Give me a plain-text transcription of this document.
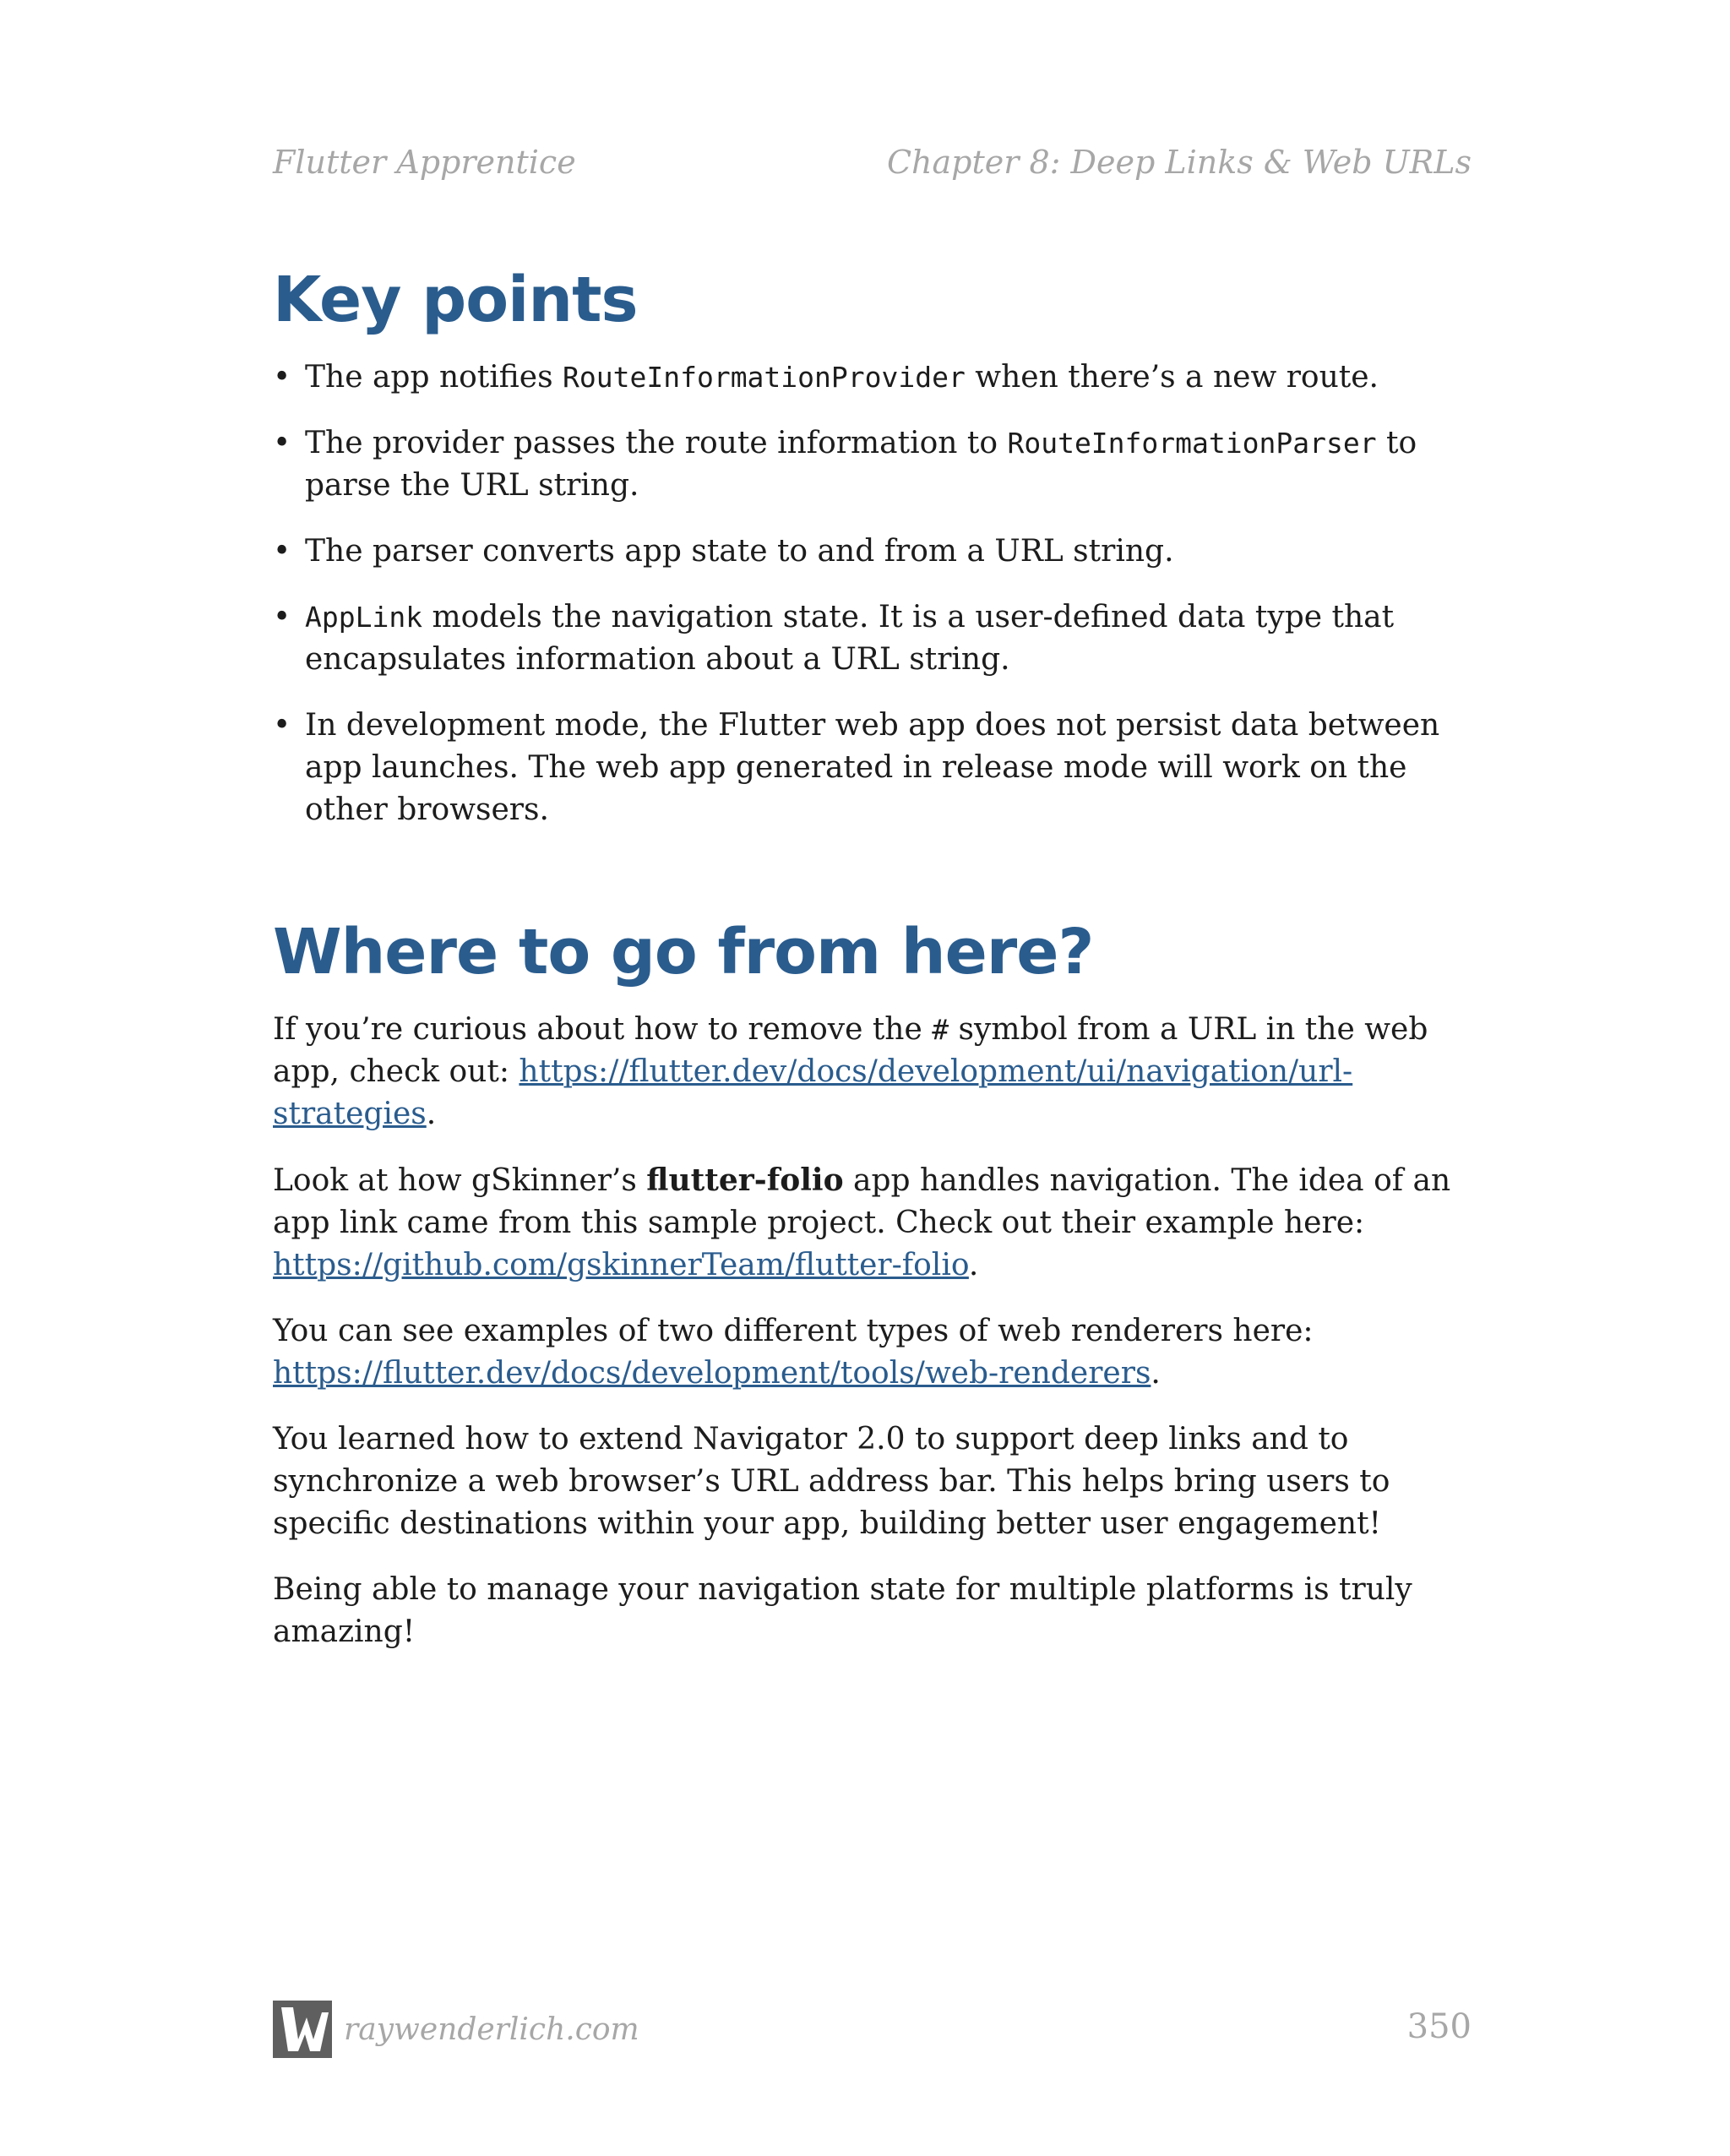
Flutter Apprentice	Chapter 8: Deep Links & Web URLs
Key points
• The app notifies RouteInformationProvider when there’s a new route.
• The provider passes the route information to RouteInformationParser to parse the URL string.
• The parser converts app state to and from a URL string.
• AppLink models the navigation state. It is a user-defined data type that encapsulates information about a URL string.
• In development mode, the Flutter web app does not persist data between app launches. The web app generated in release mode will work on the other browsers.
Where to go from here?

If you’re curious about how to remove the # symbol from a URL in the web app, check out: https://flutter.dev/docs/development/ui/navigation/url-strategies.

Look at how gSkinner’s flutter-folio app handles navigation. The idea of an app link came from this sample project. Check out their example here: https://github.com/gskinnerTeam/flutter-folio.

You can see examples of two different types of web renderers here: https://flutter.dev/docs/development/tools/web-renderers.

You learned how to extend Navigator 2.0 to support deep links and to synchronize a web browser’s URL address bar. This helps bring users to specific destinations within your app, building better user engagement!

Being able to manage your navigation state for multiple platforms is truly amazing!

raywenderlich.com	350
